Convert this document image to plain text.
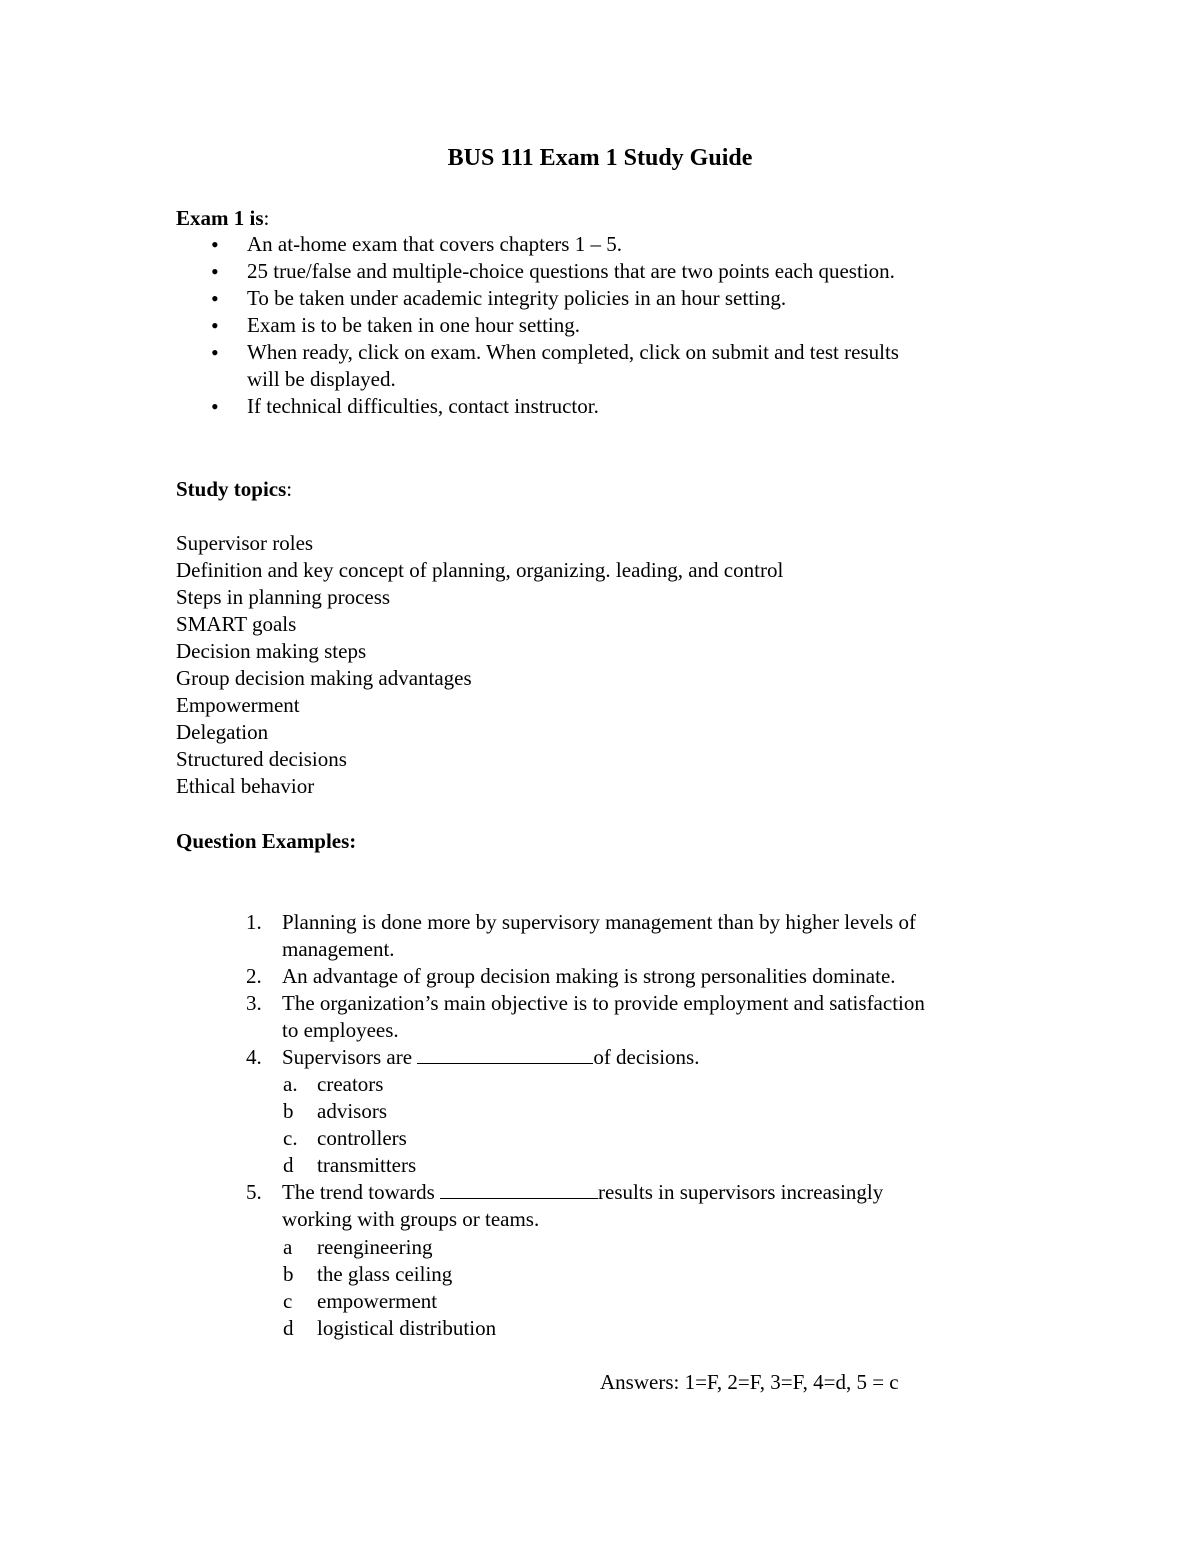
BUS 111 Exam 1 Study Guide
Exam 1 is:
• An at-home exam that covers chapters 1 – 5.
• 25 true/false and multiple-choice questions that are two points each question.
• To be taken under academic integrity policies in an hour setting.
• Exam is to be taken in one hour setting.
• When ready, click on exam. When completed, click on submit and test results
will be displayed.
• If technical difficulties, contact instructor.
Study topics:
Supervisor roles
Definition and key concept of planning, organizing. leading, and control
Steps in planning process
SMART goals
Decision making steps
Group decision making advantages
Empowerment
Delegation
Structured decisions
Ethical behavior
Question Examples:
1. Planning is done more by supervisory management than by higher levels of
management.
2. An advantage of group decision making is strong personalities dominate.
3. The organization’s main objective is to provide employment and satisfaction
to employees.
4. Supervisors are	of decisions.
a. creators
b advisors
c. controllers
d transmitters
5. The trend towards	results in supervisors increasingly
working with groups or teams.
a reengineering
b the glass ceiling
c empowerment
d logistical distribution
Answers: 1=F, 2=F, 3=F, 4=d, 5 = c
